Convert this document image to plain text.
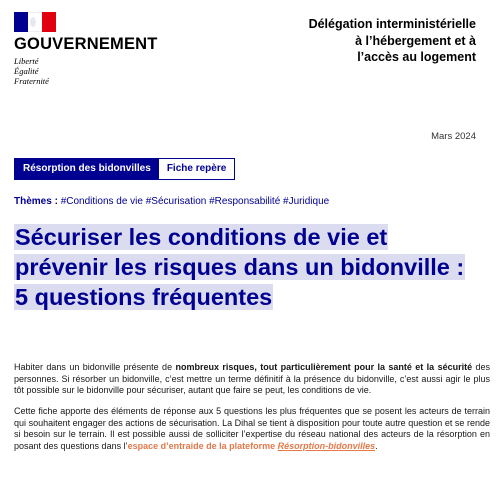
GOUVERNEMENT
Liberté
Égalité
Fraternité
Délégation interministérielle
à l’hébergement et à
l’accès au logement
Mars 2024
Résorption des bidonvilles	Fiche repère
Thèmes : #Conditions de vie #Sécurisation #Responsabilité #Juridique
Sécuriser les conditions de vie et
prévenir les risques dans un bidonville :
5 questions fréquentes

Habiter dans un bidonville présente de nombreux risques, tout particulièrement pour la santé et la sécurité des personnes. Si résorber un bidonville, c’est mettre un terme définitif à la présence du bidonville, c’est aussi agir le plus tôt possible sur le bidonville pour sécuriser, autant que faire se peut, les conditions de vie.

Cette fiche apporte des éléments de réponse aux 5 questions les plus fréquentes que se posent les acteurs de terrain qui souhaitent engager des actions de sécurisation. La Dihal se tient à disposition pour toute autre question et se rende si besoin sur le terrain. Il est possible aussi de solliciter l’expertise du réseau national des acteurs de la résorption en posant des questions dans l’espace d’entraide de la plateforme Résorption-bidonvilles.
